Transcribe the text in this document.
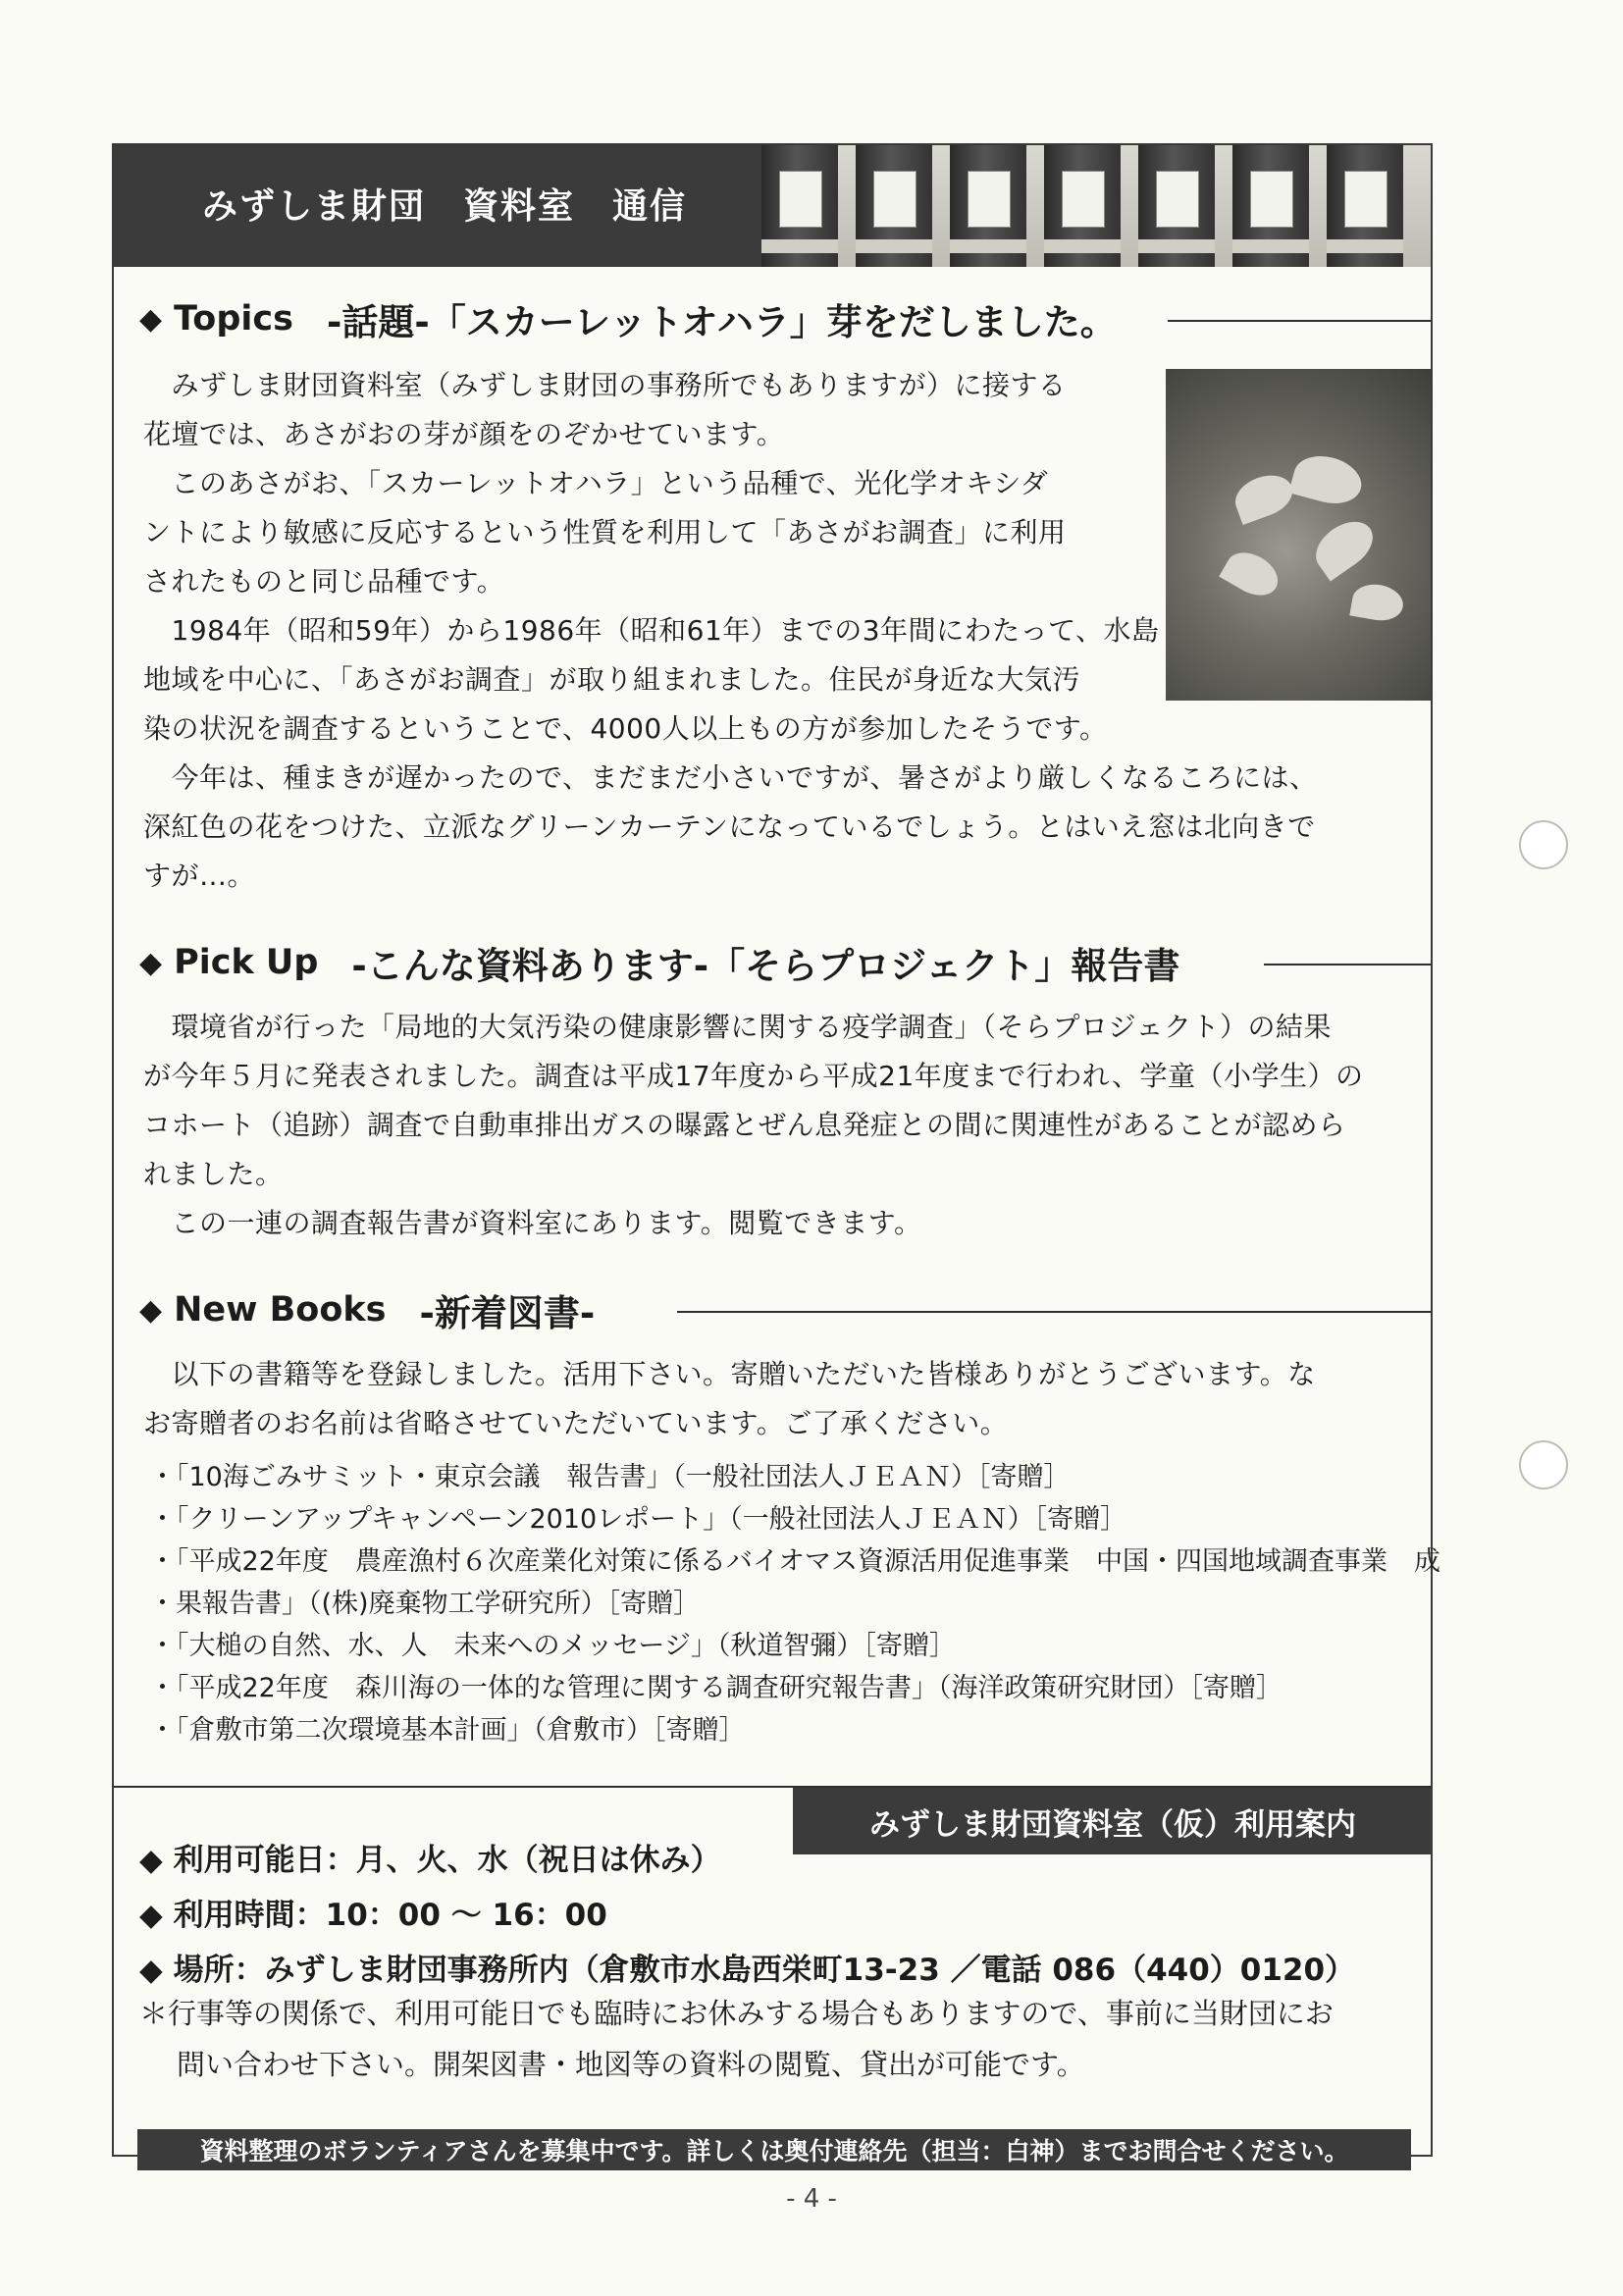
みずしま財団　資料室　通信
◆ Topics -話題-「スカーレットオハラ」芽をだしました。
　みずしま財団資料室（みずしま財団の事務所でもありますが）に接する
花壇では、あさがおの芽が顔をのぞかせています。
　このあさがお、「スカーレットオハラ」という品種で、光化学オキシダ
ントにより敏感に反応するという性質を利用して「あさがお調査」に利用
されたものと同じ品種です。
　1984年（昭和59年）から1986年（昭和61年）までの3年間にわたって、水島
地域を中心に、「あさがお調査」が取り組まれました。住民が身近な大気汚
染の状況を調査するということで、4000人以上もの方が参加したそうです。
　今年は、種まきが遅かったので、まだまだ小さいですが、暑さがより厳しくなるころには、
深紅色の花をつけた、立派なグリーンカーテンになっているでしょう。とはいえ窓は北向きで
すが…。
◆ Pick Up -こんな資料あります-「そらプロジェクト」報告書
　環境省が行った「局地的大気汚染の健康影響に関する疫学調査」（そらプロジェクト）の結果
が今年５月に発表されました。調査は平成17年度から平成21年度まで行われ、学童（小学生）の
コホート（追跡）調査で自動車排出ガスの曝露とぜん息発症との間に関連性があることが認めら
れました。
　この一連の調査報告書が資料室にあります。閲覧できます。
◆ New Books -新着図書-
　以下の書籍等を登録しました。活用下さい。寄贈いただいた皆様ありがとうございます。な
お寄贈者のお名前は省略させていただいています。ご了承ください。
・「10海ごみサミット・東京会議　報告書」（一般社団法人ＪＥＡＮ）［寄贈］
・「クリーンアップキャンペーン2010レポート」（一般社団法人ＪＥＡＮ）［寄贈］
・「平成22年度　農産漁村６次産業化対策に係るバイオマス資源活用促進事業　中国・四国地域調査事業　成
・果報告書」（(株)廃棄物工学研究所）［寄贈］
・「大槌の自然、水、人　未来へのメッセージ」（秋道智彌）［寄贈］
・「平成22年度　森川海の一体的な管理に関する調査研究報告書」（海洋政策研究財団）［寄贈］
・「倉敷市第二次環境基本計画」（倉敷市）［寄贈］
みずしま財団資料室（仮）利用案内
◆ 利用可能日：月、火、水（祝日は休み）
◆ 利用時間：10：00 ～ 16：00
◆ 場所：みずしま財団事務所内（倉敷市水島西栄町13-23 ／電話 086（440）0120）
＊行事等の関係で、利用可能日でも臨時にお休みする場合もありますので、事前に当財団にお
問い合わせ下さい。開架図書・地図等の資料の閲覧、貸出が可能です。
資料整理のボランティアさんを募集中です。詳しくは奥付連絡先（担当：白神）までお問合せください。
- 4 -
